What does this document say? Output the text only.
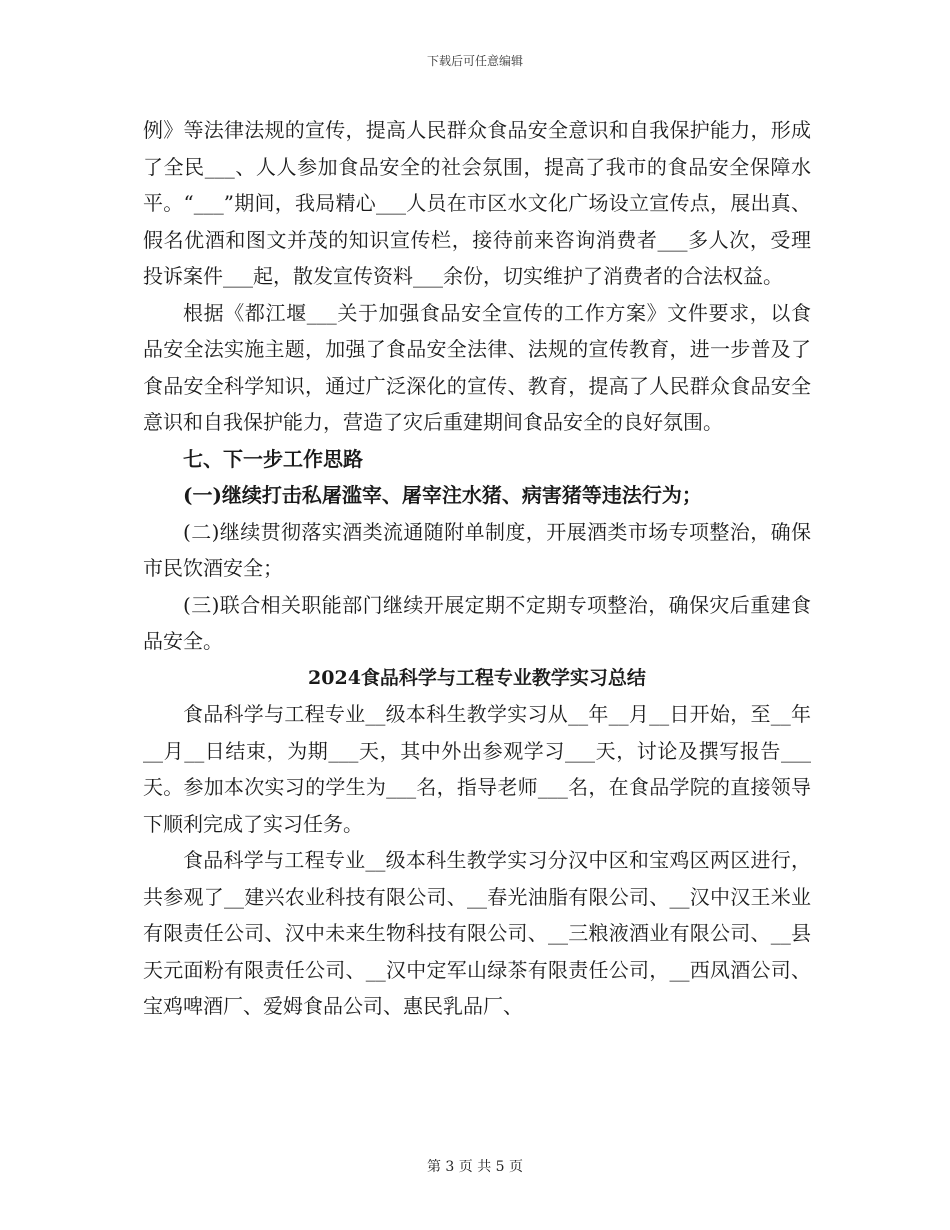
下载后可任意编辑

例》等法律法规的宣传，提高人民群众食品安全意识和自我保护能力，形成了全民___、人人参加食品安全的社会氛围，提高了我市的食品安全保障水平。“___”期间，我局精心___人员在市区水文化广场设立宣传点，展出真、假名优酒和图文并茂的知识宣传栏，接待前来咨询消费者___多人次，受理投诉案件___起，散发宣传资料___余份，切实维护了消费者的合法权益。

根据《都江堰___关于加强食品安全宣传的工作方案》文件要求，以食品安全法实施主题，加强了食品安全法律、法规的宣传教育，进一步普及了食品安全科学知识，通过广泛深化的宣传、教育，提高了人民群众食品安全意识和自我保护能力，营造了灾后重建期间食品安全的良好氛围。

七、下一步工作思路

(一)继续打击私屠滥宰、屠宰注水猪、病害猪等违法行为；

(二)继续贯彻落实酒类流通随附单制度，开展酒类市场专项整治，确保市民饮酒安全；

(三)联合相关职能部门继续开展定期不定期专项整治，确保灾后重建食品安全。

2024食品科学与工程专业教学实习总结

食品科学与工程专业__级本科生教学实习从__年__月__日开始，至__年__月__日结束，为期___天，其中外出参观学习___天，讨论及撰写报告___天。参加本次实习的学生为___名，指导老师___名，在食品学院的直接领导下顺利完成了实习任务。

食品科学与工程专业__级本科生教学实习分汉中区和宝鸡区两区进行，共参观了__建兴农业科技有限公司、__春光油脂有限公司、__汉中汉王米业有限责任公司、汉中未来生物科技有限公司、__三粮液酒业有限公司、__县天元面粉有限责任公司、__汉中定军山绿茶有限责任公司，__西凤酒公司、宝鸡啤酒厂、爱姆食品公司、惠民乳品厂、

第 3 页 共 5 页
